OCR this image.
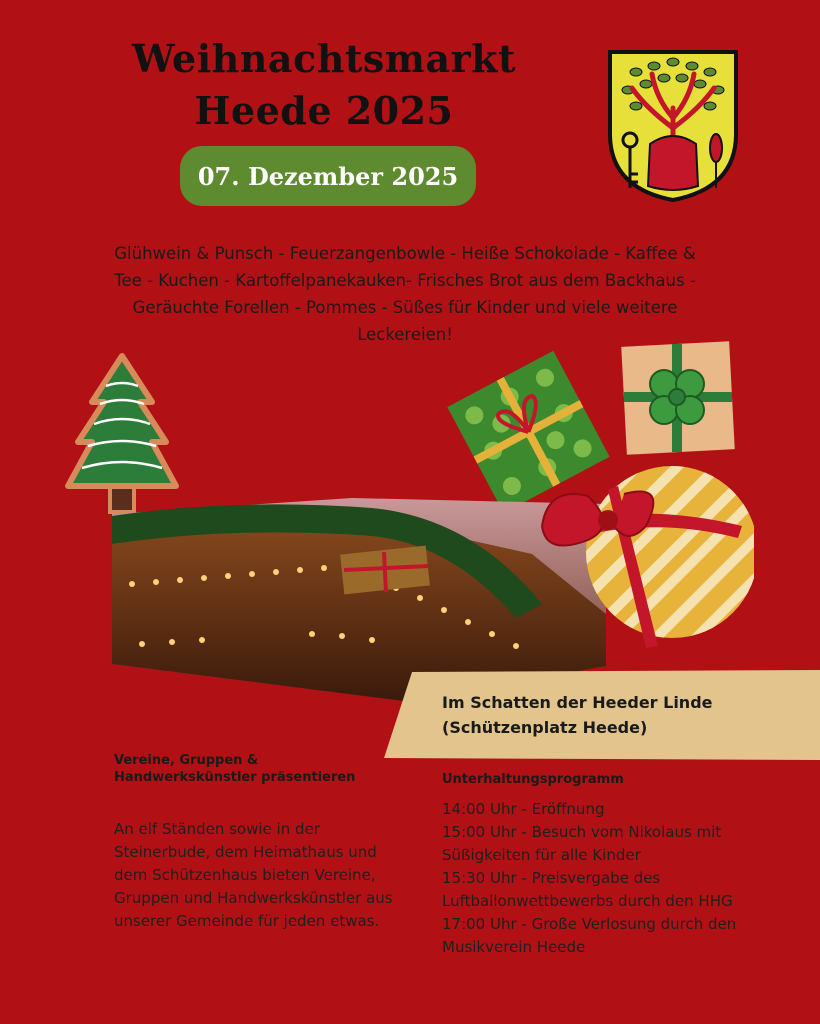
Weihnachtsmarkt
Heede 2025
07. Dezember 2025
Glühwein & Punsch - Feuerzangenbowle - Heiße Schokolade - Kaffee & Tee - Kuchen - Kartoffelpanekauken- Frisches Brot aus dem Backhaus - Geräuchte Forellen - Pommes - Süßes für Kinder und viele weitere Leckereien!
Im Schatten der Heeder Linde
(Schützenplatz Heede)
Vereine, Gruppen & Handwerkskünstler präsentieren
An elf Ständen sowie in der Steinerbude, dem Heimathaus und dem Schützenhaus bieten Vereine, Gruppen und Handwerkskünstler aus unserer Gemeinde für jeden etwas.
Unterhaltungsprogramm
14:00 Uhr - Eröffnung
15:00 Uhr - Besuch vom Nikolaus mit Süßigkeiten für alle Kinder
15:30 Uhr - Preisvergabe des Luftballonwettbewerbs durch den HHG
17:00 Uhr - Große Verlosung durch den Musikverein Heede
